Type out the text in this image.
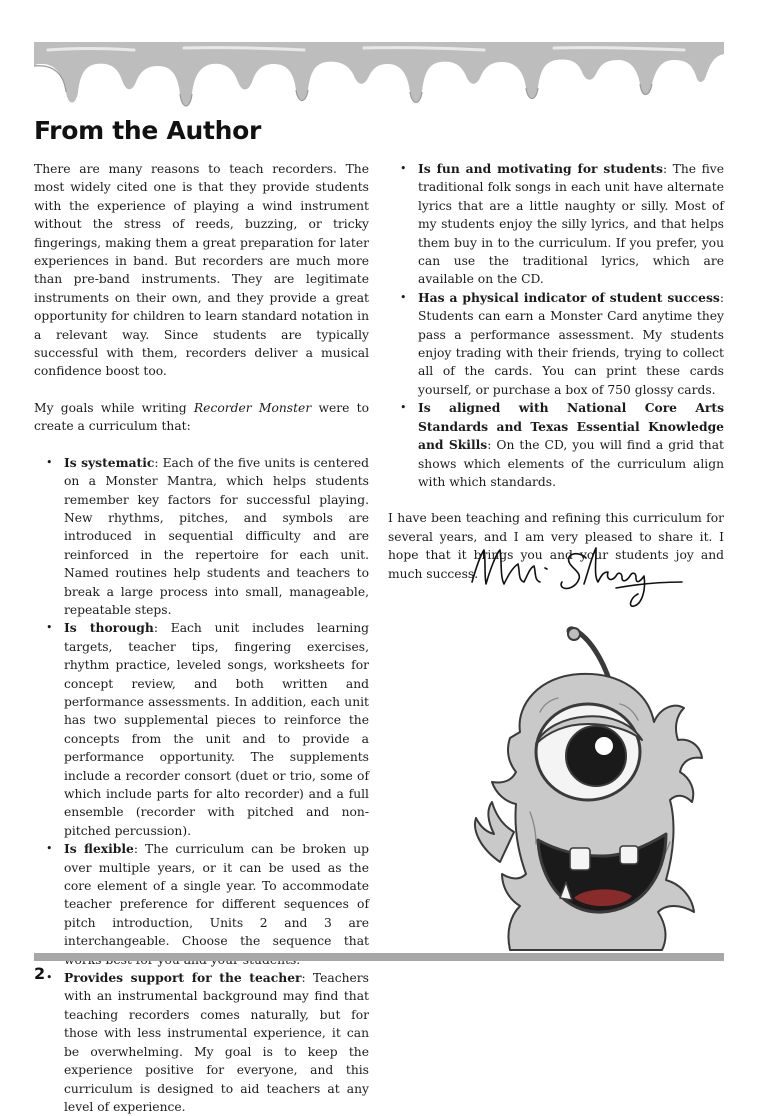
From the Author

There are many reasons to teach recorders. The most widely cited one is that they provide students with the experience of playing a wind instrument without the stress of reeds, buzzing, or tricky fingerings, making them a great preparation for later experiences in band. But recorders are much more than pre-band instruments. They are legitimate instruments on their own, and they provide a great opportunity for children to learn standard notation in a relevant way. Since students are typically successful with them, recorders deliver a musical confidence boost too.

My goals while writing Recorder Monster were to create a curriculum that:

• Is systematic: Each of the five units is centered on a Monster Mantra, which helps students remember key factors for successful playing. New rhythms, pitches, and symbols are introduced in sequential difficulty and are reinforced in the repertoire for each unit. Named routines help students and teachers to break a large process into small, manageable, repeatable steps.
• Is thorough: Each unit includes learning targets, teacher tips, fingering exercises, rhythm practice, leveled songs, worksheets for concept review, and both written and performance assessments. In addition, each unit has two supplemental pieces to reinforce the concepts from the unit and to provide a performance opportunity. The supplements include a recorder consort (duet or trio, some of which include parts for alto recorder) and a full ensemble (recorder with pitched and non-pitched percussion).
• Is flexible: The curriculum can be broken up over multiple years, or it can be used as the core element of a single year. To accommodate teacher preference for different sequences of pitch introduction, Units 2 and 3 are interchangeable. Choose the sequence that
• Provides support for the teacher: Teachers with an instrumental background may find that teaching recorders comes naturally, but for those with less instrumental experience, it can be overwhelming. My goal is to keep the experience positive for everyone, and this curriculum is designed to aid teachers at any level of experience.
• Is fun and motivating for students: The five traditional folk songs in each unit have alternate lyrics that are a little naughty or silly. Most of my students enjoy the silly lyrics, and that helps them buy in to the curriculum. If you prefer, you can use the traditional lyrics, which are available on the CD.
• Has a physical indicator of student success: Students can earn a Monster Card anytime they pass a performance assessment. My students enjoy trading with their friends, trying to collect all of the cards. You can print these cards yourself, or purchase a box of 750 glossy cards.
• Is aligned with National Core Arts Standards and Texas Essential Knowledge and Skills: On the CD, you will find a grid that shows which elements of the curriculum align with which standards.

I have been teaching and refining this curriculum for several years, and I am very pleased to share it. I hope that it brings you and your students joy and much success.

2
